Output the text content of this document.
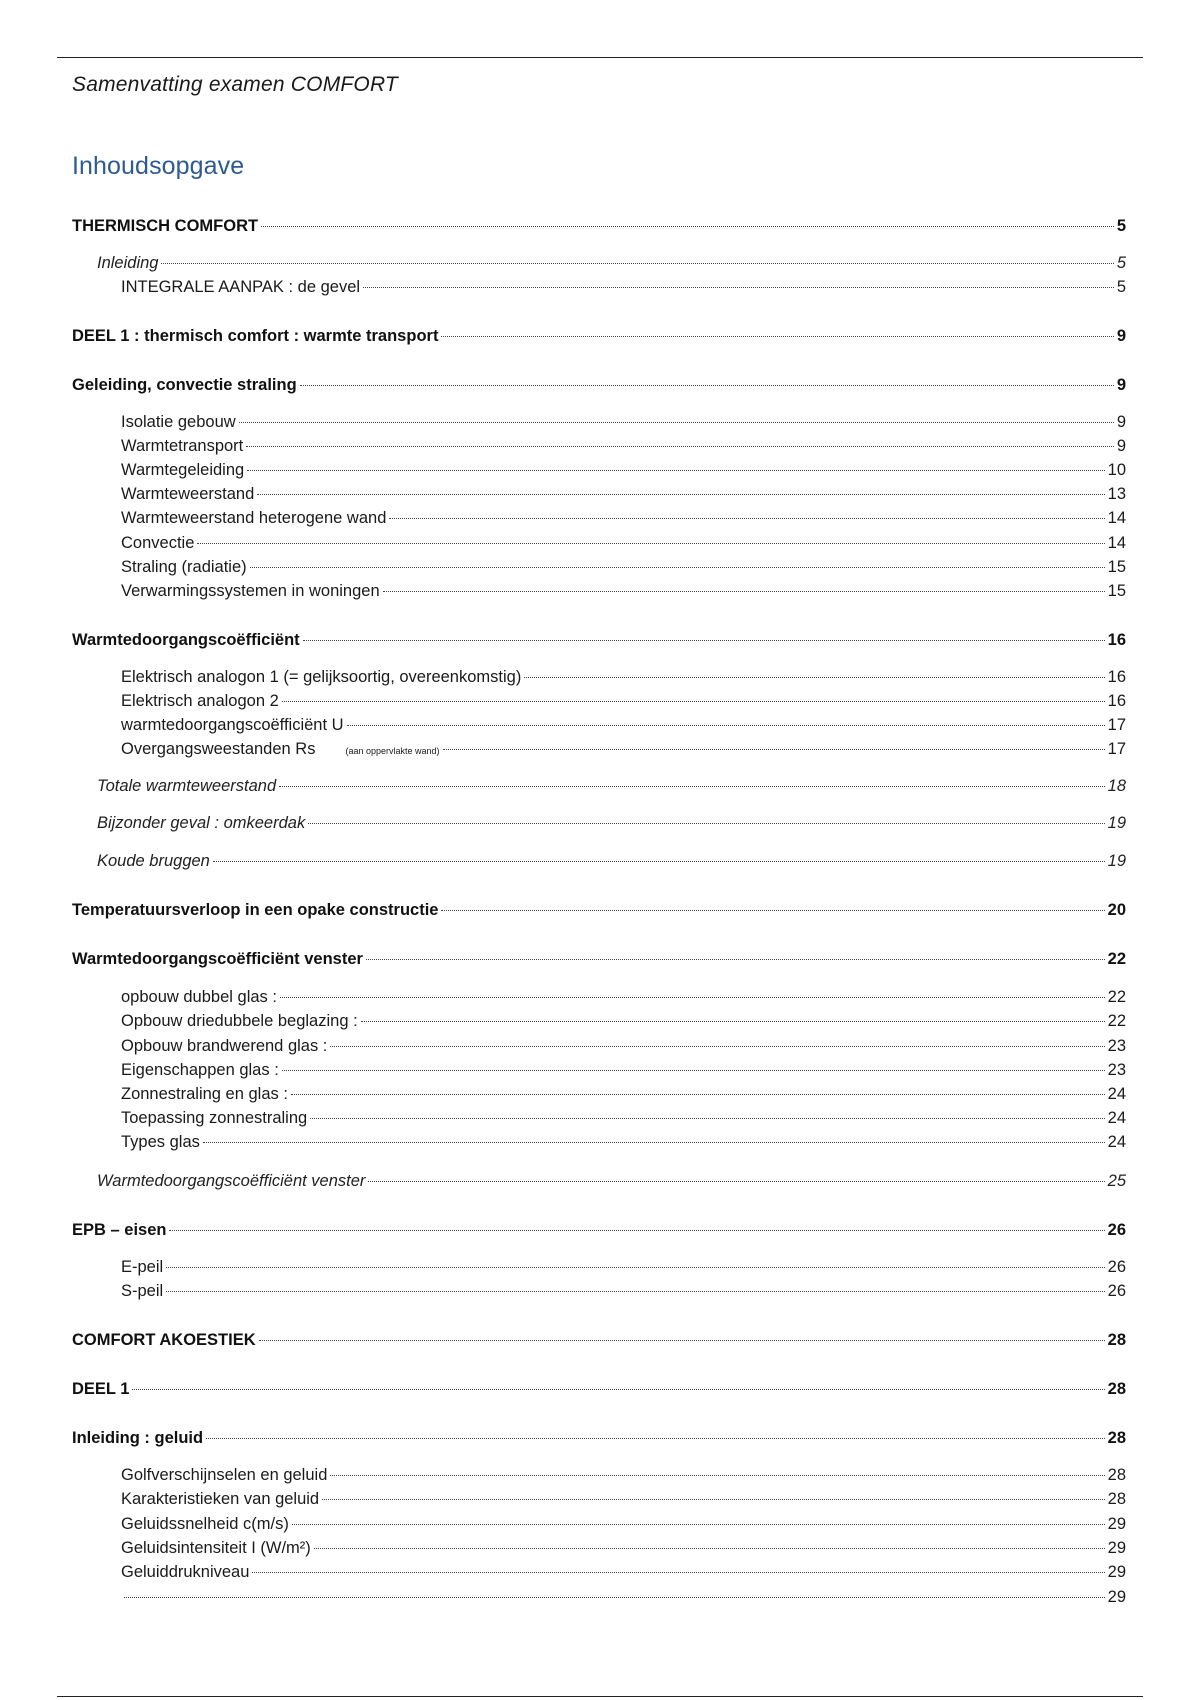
Samenvatting examen COMFORT
Inhoudsopgave
THERMISCH COMFORT	5
Inleiding	5
INTEGRALE AANPAK : de gevel	5
DEEL 1 : thermisch comfort : warmte transport	9
Geleiding, convectie straling	9
Isolatie gebouw	9
Warmtetransport	9
Warmtegeleiding	10
Warmteweerstand	13
Warmteweerstand heterogene wand	14
Convectie	14
Straling (radiatie)	15
Verwarmingssystemen in woningen	15
Warmtedoorgangscoëfficiënt	16
Elektrisch analogon 1 (= gelijksoortig, overeenkomstig)	16
Elektrisch analogon 2	16
warmtedoorgangscoëfficiënt U	17
Overgangsweestanden Rs	(aan oppervlakte wand)	17
Totale warmteweerstand	18
Bijzonder geval : omkeerdak	19
Koude bruggen	19
Temperatuursverloop in een opake constructie	20
Warmtedoorgangscoëfficiënt venster	22
opbouw dubbel glas :	22
Opbouw driedubbele beglazing :	22
Opbouw brandwerend glas :	23
Eigenschappen glas :	23
Zonnestraling en glas :	24
Toepassing zonnestraling	24
Types glas	24
Warmtedoorgangscoëfficiënt venster	25
EPB – eisen	26
E-peil	26
S-peil	26
COMFORT AKOESTIEK	28
DEEL 1	28
Inleiding : geluid	28
Golfverschijnselen en geluid	28
Karakteristieken van geluid	28
Geluidssnelheid c(m/s)	29
Geluidsintensiteit I (W/m²)	29
Geluiddrukniveau	29
29
